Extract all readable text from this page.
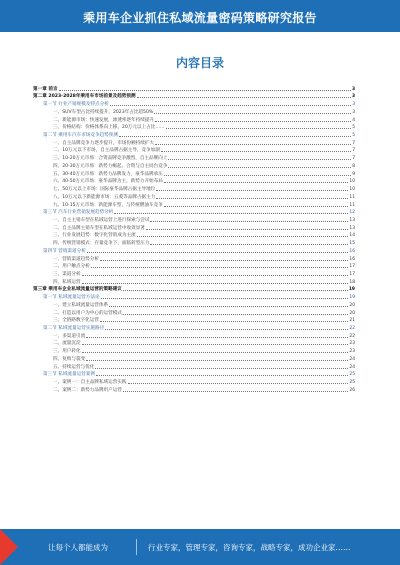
乘用车企业抓住私域流量密码策略研究报告
内容目录
第一章 前言	3
第二章 2023-2028年乘用车市场前景及趋势预测	3
第一节 行业产销规模及特点分析	3
一、SUV车型占比持续提升，2023年占比超50%	3
二、新能源市场：快速发展，渗透率逐年持续提升	4
三、价格结构：价格体系向上移，20万元以上占比……	5
第二节 乘用车汽车市场竞争趋势预测	5
一、自主品牌竞争力逐步提升，市场份额持续扩大	7
二、10万元以下市场，自主品牌占据主导，竞争加剧	7
三、10-20万元市场：合资品牌竞争激烈，自主品牌向上	7
四、20-30万元市场：新势力崛起，合资与自主同台竞争	8
五、30-40万元市场：新势力品牌发力，豪华品牌承压	9
六、40-50万元市场：豪华品牌为主，新势力开始布局	10
七、50万元以上市场：国际豪华品牌占据主导地位	10
八、10万元以下新能源市场：五菱等品牌占据主力	11
九、10-15万元市场：新能源车型，与传统燃油车竞争	11
第三节 汽车行业营销发展趋势分析	12
一、自主主销车型在私域运营上进行探索与尝试	13
二、自主品牌主销车型在私域运营中收效显著	13
三、行业发展趋势：数字化营销成为主流	14
四、传统营销模式：存量竞争下，面临转型压力	15
第四节 营销渠道分析	16
一、营销渠道趋势分析	16
二、用户触点分析	17
三、渠道分析	17
四、私域运营	18
第三章 乘用车企业私域流量运营的策略建议	19
第一节 私域流量运营方法论	19
一、建立私域流量运营体系	20
二、打造以用户为中心的运营模式	20
三、全链路数字化运营	21
第二节 私域流量运营实施路径	22
一、多渠道引流	22
二、流量沉淀	23
三、用户转化	23
四、复购与裂变	24
五、持续运营与优化	24
第三节 私域流量运营案例	25
一、案例一：自主品牌私域运营实践	25
二、案例二：新势力品牌用户运营	26
让每个人都能成为	行业专家，管理专家，咨询专家，战略专家，成功企业家……
